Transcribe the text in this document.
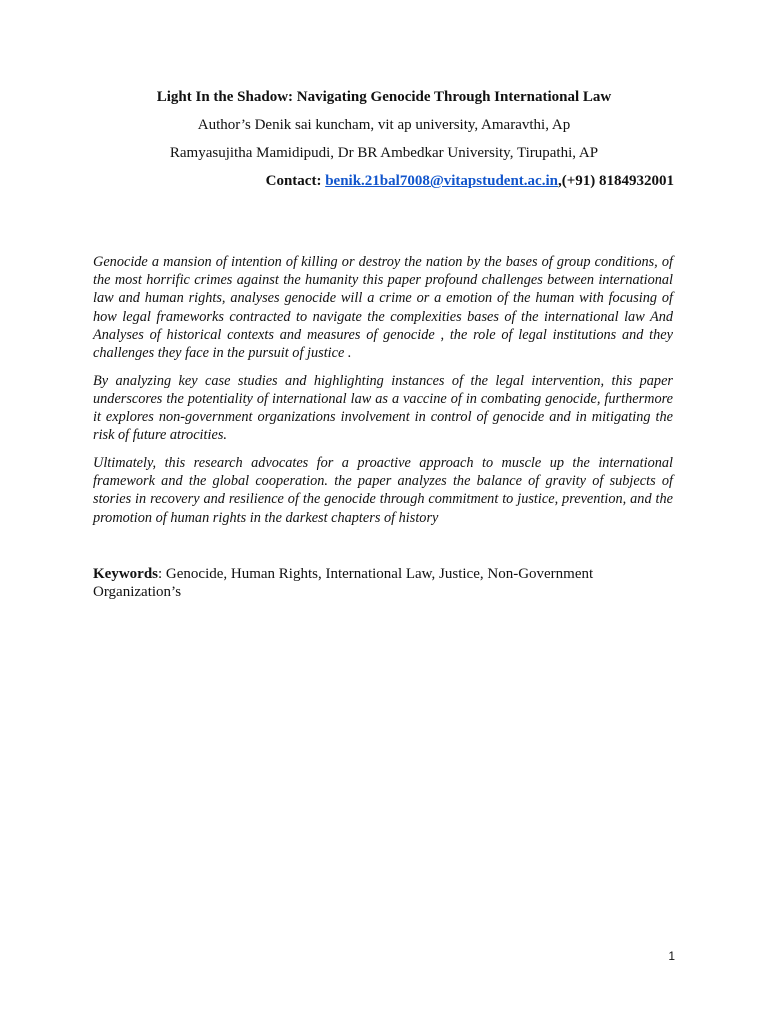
Light In the Shadow: Navigating Genocide Through International Law
Author’s Denik sai kuncham, vit ap university, Amaravthi, Ap
Ramyasujitha Mamidipudi, Dr BR Ambedkar University, Tirupathi, AP
Contact: benik.21bal7008@vitapstudent.ac.in,(+91) 8184932001

Genocide a mansion of intention of killing or destroy the nation by the bases of group conditions, of the most horrific crimes against the humanity this paper profound challenges between international law and human rights, analyses genocide will a crime or a emotion of the human with focusing of how legal frameworks contracted to navigate the complexities bases of the international law And Analyses of historical contexts and measures of genocide , the role of legal institutions and they challenges they face in the pursuit of justice .

By analyzing key case studies and highlighting instances of the legal intervention, this paper underscores the potentiality of international law as a vaccine of in combating genocide, furthermore it explores non-government organizations involvement in control of genocide and in mitigating the risk of future atrocities.

Ultimately, this research advocates for a proactive approach to muscle up the international framework and the global cooperation. the paper analyzes the balance of gravity of subjects of stories in recovery and resilience of the genocide through commitment to justice, prevention, and the promotion of human rights in the darkest chapters of history

Keywords: Genocide, Human Rights, International Law, Justice, Non-Government Organization’s
1
